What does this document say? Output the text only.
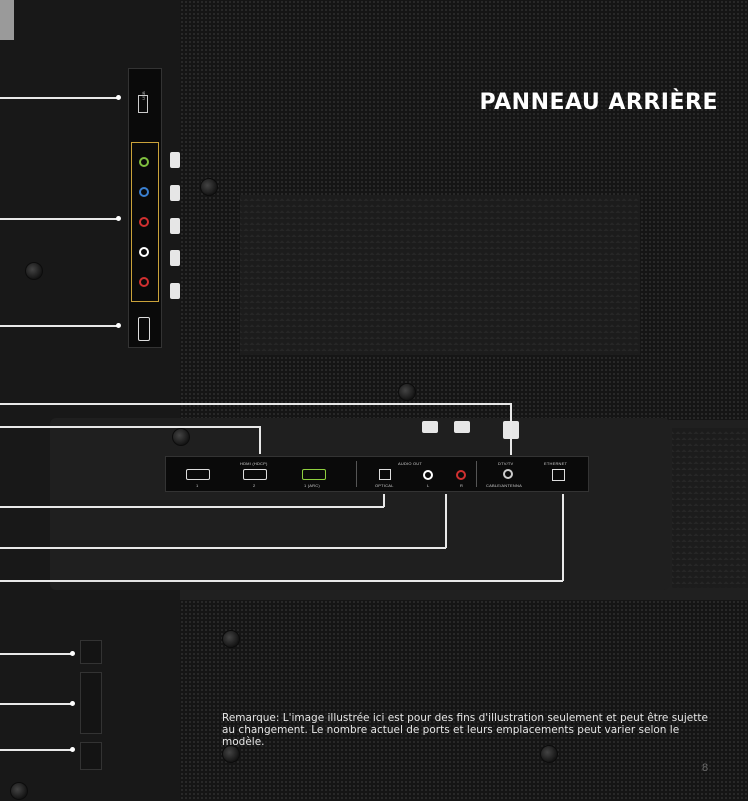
USB
HDMI (HDCP)
1	2	1 (ARC)
AUDIO OUT
OPTICAL	L	R
DTV/TV
CABLE/ANTENNA
ETHERNET
PANNEAU ARRIÈRE
Remarque: L'image illustrée ici est pour des fins d'illustration seulement et peut être sujette au changement. Le nombre actuel de ports et leurs emplacements peut varier selon le modèle.
8
